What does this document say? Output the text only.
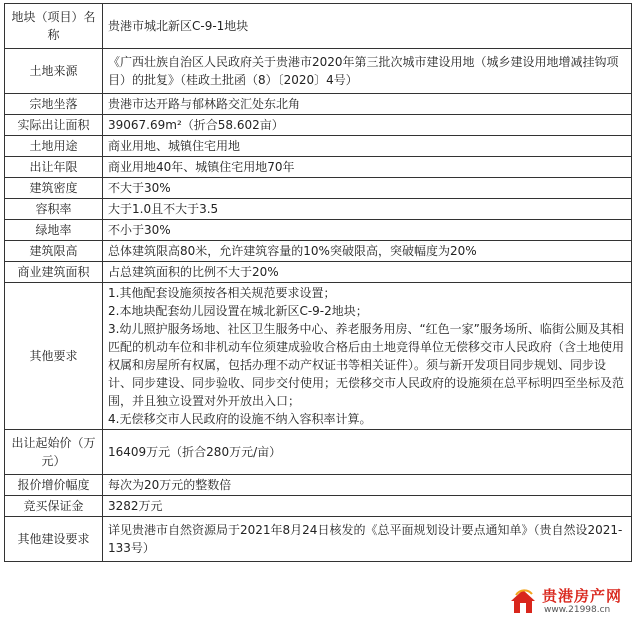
地块（项目）名称	贵港市城北新区C-9-1地块

土地来源	《广西壮族自治区人民政府关于贵港市2020年第三批次城市建设用地（城乡建设用地增减挂钩项目）的批复》（桂政土批函（8）〔2020〕4号）

宗地坐落	贵港市达开路与郁林路交汇处东北角

实际出让面积	39067.69m²（折合58.602亩）

土地用途	商业用地、城镇住宅用地

出让年限	商业用地40年、城镇住宅用地70年

建筑密度	不大于30%

容积率	大于1.0且不大于3.5

绿地率	不小于30%

建筑限高	总体建筑限高80米，允许建筑容量的10%突破限高，突破幅度为20%

商业建筑面积	占总建筑面积的比例不大于20%

其他要求	1.其他配套设施须按各相关规范要求设置；
2.本地块配套幼儿园设置在城北新区C-9-2地块；
3.幼儿照护服务场地、社区卫生服务中心、养老服务用房、“红色一家”服务场所、临街公厕及其相匹配的机动车位和非机动车位须建成验收合格后由土地竞得单位无偿移交市人民政府（含土地使用权属和房屋所有权属，包括办理不动产权证书等相关证件）。须与新开发项目同步规划、同步设计、同步建设、同步验收、同步交付使用；无偿移交市人民政府的设施须在总平标明四至坐标及范围，并且独立设置对外开放出入口；
4.无偿移交市人民政府的设施不纳入容积率计算。

出让起始价（万元）	16409万元（折合280万元/亩）

报价增价幅度	每次为20万元的整数倍

竞买保证金	3282万元

其他建设要求	详见贵港市自然资源局于2021年8月24日核发的《总平面规划设计要点通知单》（贵自然设2021-133号）
贵港房产网
www.21998.cn
